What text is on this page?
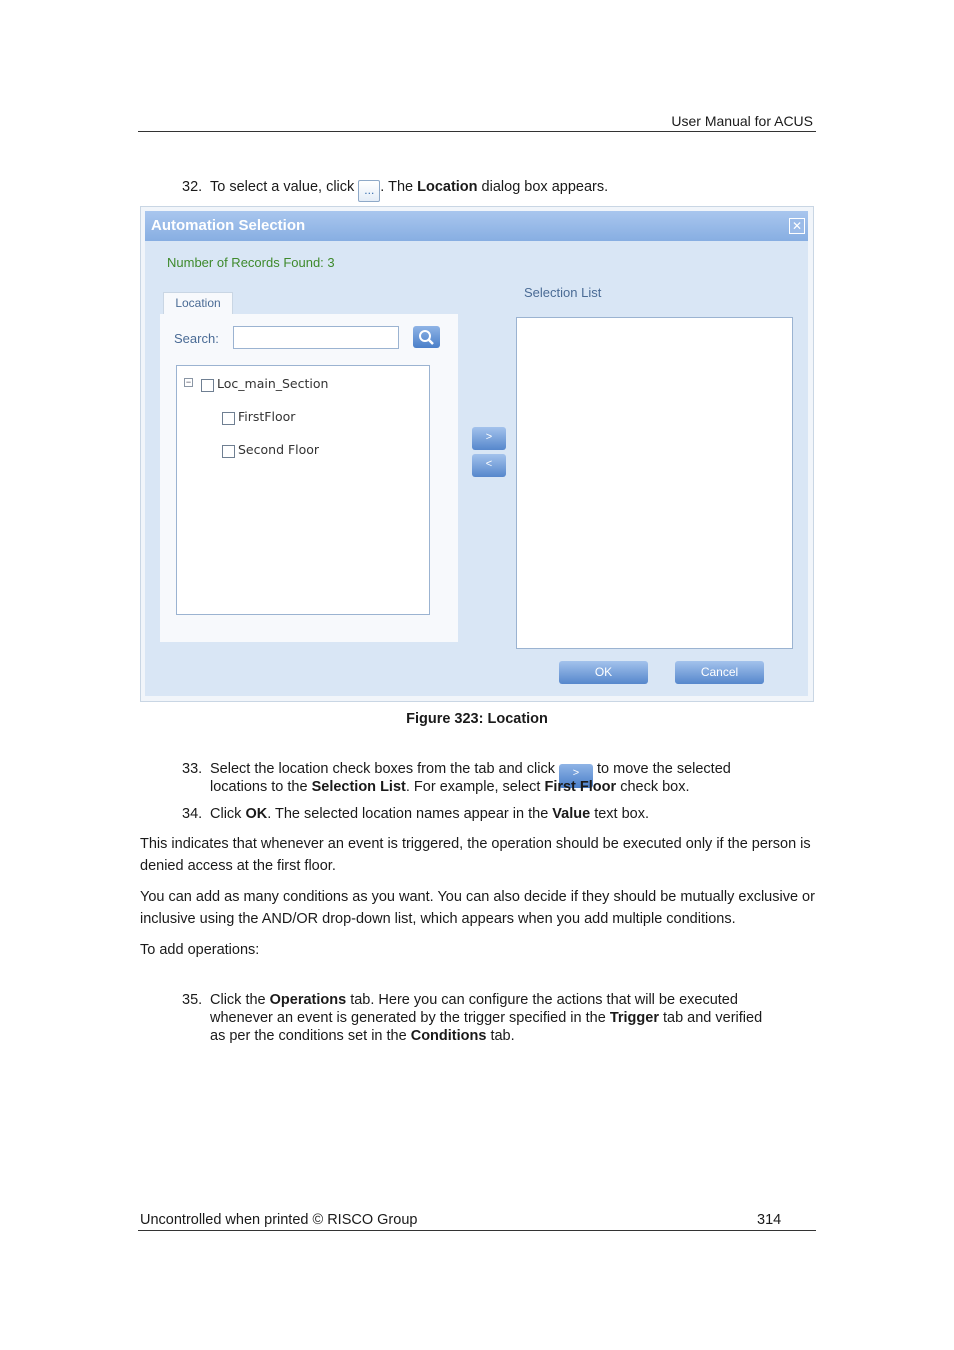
User Manual for ACUS
32. To select a value, click ... . The Location dialog box appears.
Automation Selection	✕
Number of Records Found: 3
Location
Search:
− Loc_main_Section
FirstFloor
Second Floor
>
<
Selection List
OK	Cancel
Figure 323: Location
33. Select the location check boxes from the tab and click > to move the selected
locations to the Selection List. For example, select First Floor check box.
34. Click OK. The selected location names appear in the Value text box.

This indicates that whenever an event is triggered, the operation should be executed only if the person is denied access at the first floor.

You can add as many conditions as you want. You can also decide if they should be mutually exclusive or inclusive using the AND/OR drop-down list, which appears when you add multiple conditions.

To add operations:

35. Click the Operations tab. Here you can configure the actions that will be executed
whenever an event is generated by the trigger specified in the Trigger tab and verified
as per the conditions set in the Conditions tab.
Uncontrolled when printed © RISCO Group	314
